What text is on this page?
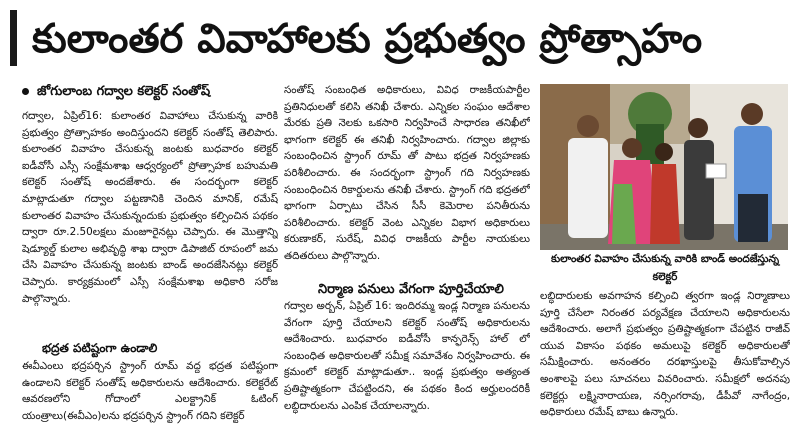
కులాంతర వివాహాలకు ప్రభుత్వం ప్రోత్సాహం
జోగులాంబ గద్వాల కలెక్టర్ సంతోష్

గద్వాల, ఏప్రిల్16: కులాంతర వివాహాలు చేసుకున్న వారికి ప్రభుత్వం ప్రోత్సాహకం అందిస్తుందని కలెక్టర్ సంతోష్ తెలిపారు. కులాంతర వివాహం చేసుకున్న జంటకు బుధవారం కలెక్టర్ ఐడీవోసీ ఎస్సీ సంక్షేమశాఖ ఆధ్వర్యంలో ప్రోత్సాహక బహుమతి కలెక్టర్ సంతోష్ అందజేశారు. ఈ సందర్భంగా కలెక్టర్ మాట్లాడుతూ గద్వాల పట్టణానికి చెందిన మానిక్, రమేష్ కులాంతర వివాహం చేసుకున్నందుకు ప్రభుత్వం కల్పించిన పథకం ద్వారా రూ.2.50లక్షలు మంజూరైనట్లు చెప్పారు. ఈ మొత్తాన్ని షెడ్యూల్డ్ కులాల అభివృద్ధి శాఖ ద్వారా డిపాజిట్ రూపంలో జమ చేసి వివాహం చేసుకున్న జంటకు బాండ్ అందజేసినట్లు కలెక్టర్ చెప్పారు. కార్యక్రమంలో ఎస్సీ సంక్షేమశాఖ అధికారి సరోజ పాల్గొన్నారు.

భద్రత పటిష్టంగా ఉండాలి

ఈవీఎంలు భద్రపర్చిన స్ట్రాంగ్ రూమ్ వద్ద భద్రత పటిష్టంగా ఉండాలని కలెక్టర్ సంతోష్ అధికారులను ఆదేశించారు. కలెక్టరేట్ ఆవరణలోని గోదాంలో ఎలక్ట్రానిక్ ఓటింగ్ యంత్రాలు(ఈవీఎం)లను భద్రపర్చిన స్ట్రాంగ్ గదిని కలెక్టర్

సంతోష్ సంబంధిత అధికారులు, వివిధ రాజకీయపార్టీల ప్రతినిధులతో కలిసి తనిఖీ చేశారు. ఎన్నికల సంఘం ఆదేశాల మేరకు ప్రతి నెలకు ఒకసారి నిర్వహించే సాధారణ తనిఖీలో భాగంగా కలెక్టర్ ఈ తనిఖీ నిర్వహించారు. గద్వాల జిల్లాకు సంబంధించిన స్ట్రాంగ్ రూమ్ తో పాటు భద్రత నిర్వహణకు పరిశీలించారు. ఈ సందర్భంగా స్ట్రాంగ్ గది నిర్వహణకు సంబంధించిన రికార్డులను తనిఖీ చేశారు. స్ట్రాంగ్ గది భద్రతలో భాగంగా ఏర్పాటు చేసిన సీసీ కెమెరాల పనితీరును పరిశీలించారు. కలెక్టర్ వెంట ఎన్నికల విభాగ అధికారులు కరుణాకర్, సురేష్, వివిధ రాజకీయ పార్టీల నాయకులు తదితరులు పాల్గొన్నారు.

నిర్మాణ పనులు వేగంగా పూర్తిచేయాలి

గద్వాల అర్బన్, ఏప్రిల్ 16: ఇందిరమ్మ ఇండ్ల నిర్మాణ పనులను వేగంగా పూర్తి చేయాలని కలెక్టర్ సంతోష్ అధికారులను ఆదేశించారు. బుధవారం ఐడీవోసీ కాన్ఫరెన్స్ హాల్ లో సంబంధిత అధికారులతో సమీక్ష సమావేశం నిర్వహించారు. ఈ క్రమంలో కలెక్టర్ మాట్లాడుతూ.. ఇండ్ల ప్రభుత్వం అత్యంత ప్రతిష్టాత్మకంగా చేపట్టిందని, ఈ పథకం కింద అర్హులందరికీ లబ్ధిదారులను ఎంపిక చేయాలన్నారు.

కులాంతర వివాహం చేసుకున్న వారికి బాండ్ అందజేస్తున్న కలెక్టర్

లబ్ధిదారులకు అవగాహన కల్పించి త్వరగా ఇండ్ల నిర్మాణాలు పూర్తి చేసేలా నిరంతర పర్యవేక్షణ చేయాలని అధికారులను ఆదేశించారు. అలాగే ప్రభుత్వం ప్రతిష్టాత్మకంగా చేపట్టిన రాజీవ్ యువ వికాసం పథకం అమలుపై కలెక్టర్ అధికారులతో సమీక్షించారు. అనంతరం దరఖాస్తులపై తీసుకోవాల్సిన అంశాలపై పలు సూచనలు వివరించారు. సమీక్షలో అదనపు కలెక్టర్లు లక్ష్మినారాయణ, నర్సింగరావు, డీపీవో నాగేంద్రం, అధికారులు రమేష్ బాబు ఉన్నారు.
